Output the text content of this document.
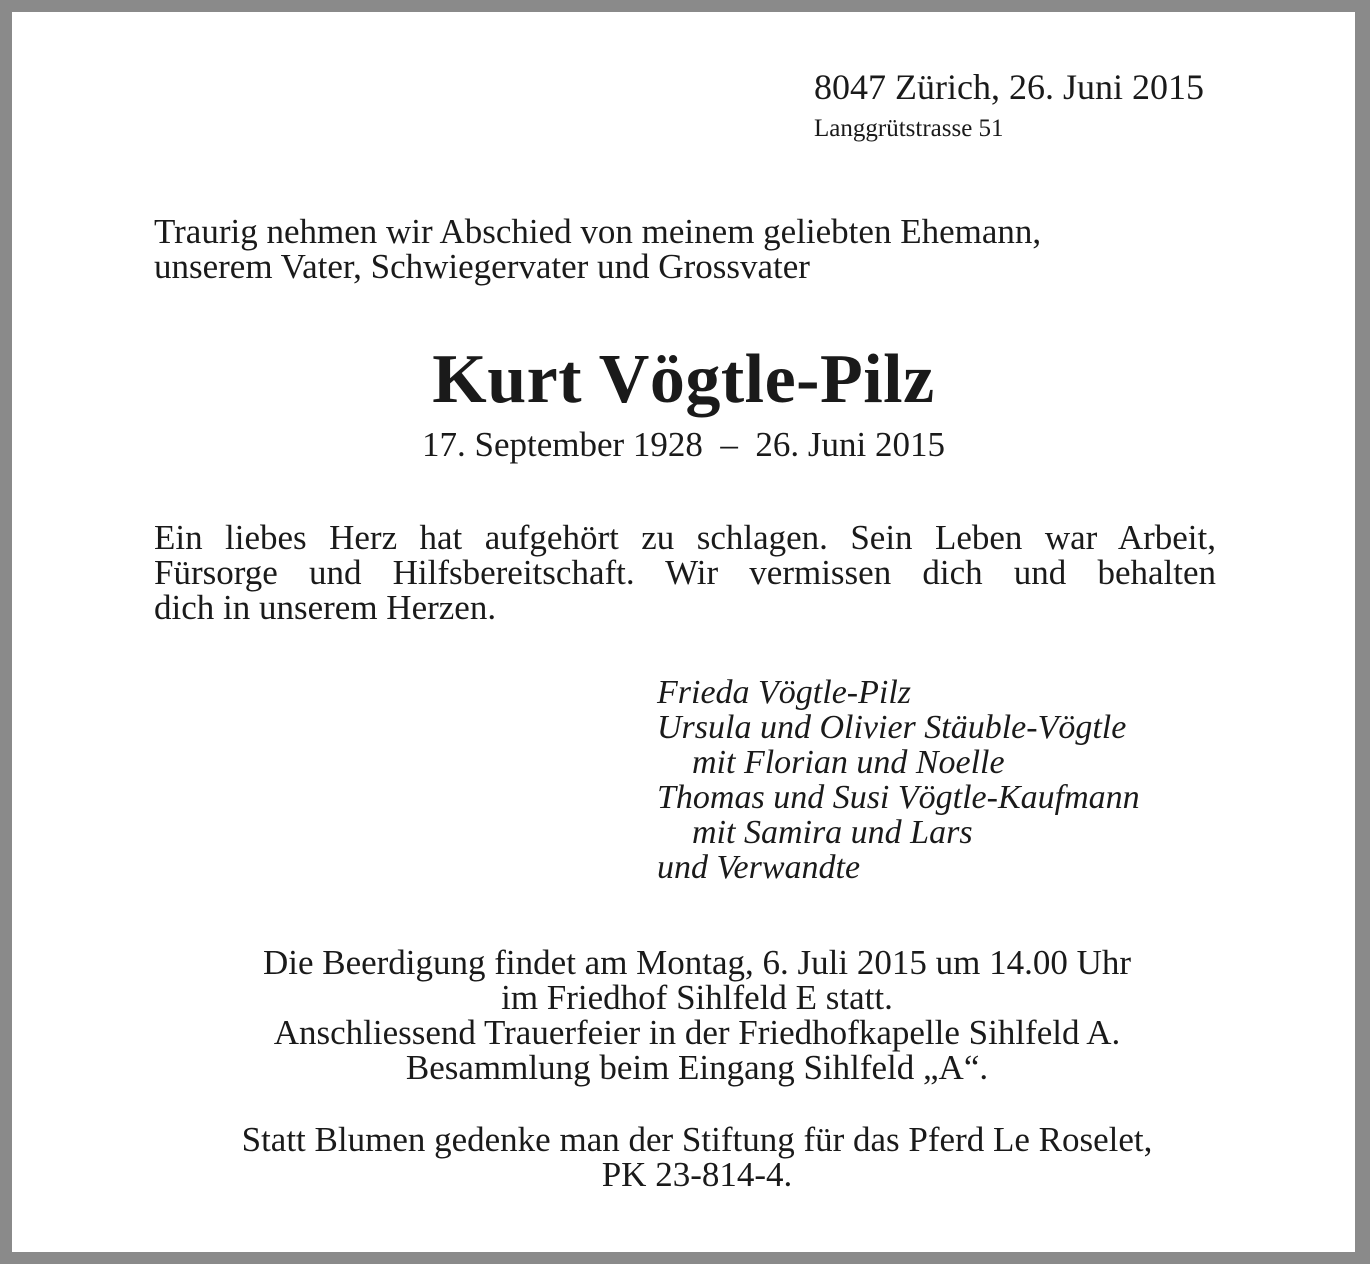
8047 Zürich, 26. Juni 2015
Langgrütstrasse 51
Traurig nehmen wir Abschied von meinem geliebten Ehemann,
unserem Vater, Schwiegervater und Grossvater
Kurt Vögtle-Pilz
17. September 1928  –  26. Juni 2015
Ein liebes Herz hat aufgehört zu schlagen. Sein Leben war Arbeit,
Fürsorge und Hilfsbereitschaft. Wir vermissen dich und behalten
dich in unserem Herzen.
Frieda Vögtle-Pilz
Ursula und Olivier Stäuble-Vögtle
mit Florian und Noelle
Thomas und Susi Vögtle-Kaufmann
mit Samira und Lars
und Verwandte
Die Beerdigung findet am Montag, 6. Juli 2015 um 14.00 Uhr
im Friedhof Sihlfeld E statt.
Anschliessend Trauerfeier in der Friedhofkapelle Sihlfeld A.
Besammlung beim Eingang Sihlfeld „A“.
Statt Blumen gedenke man der Stiftung für das Pferd Le Roselet,
PK 23-814-4.
